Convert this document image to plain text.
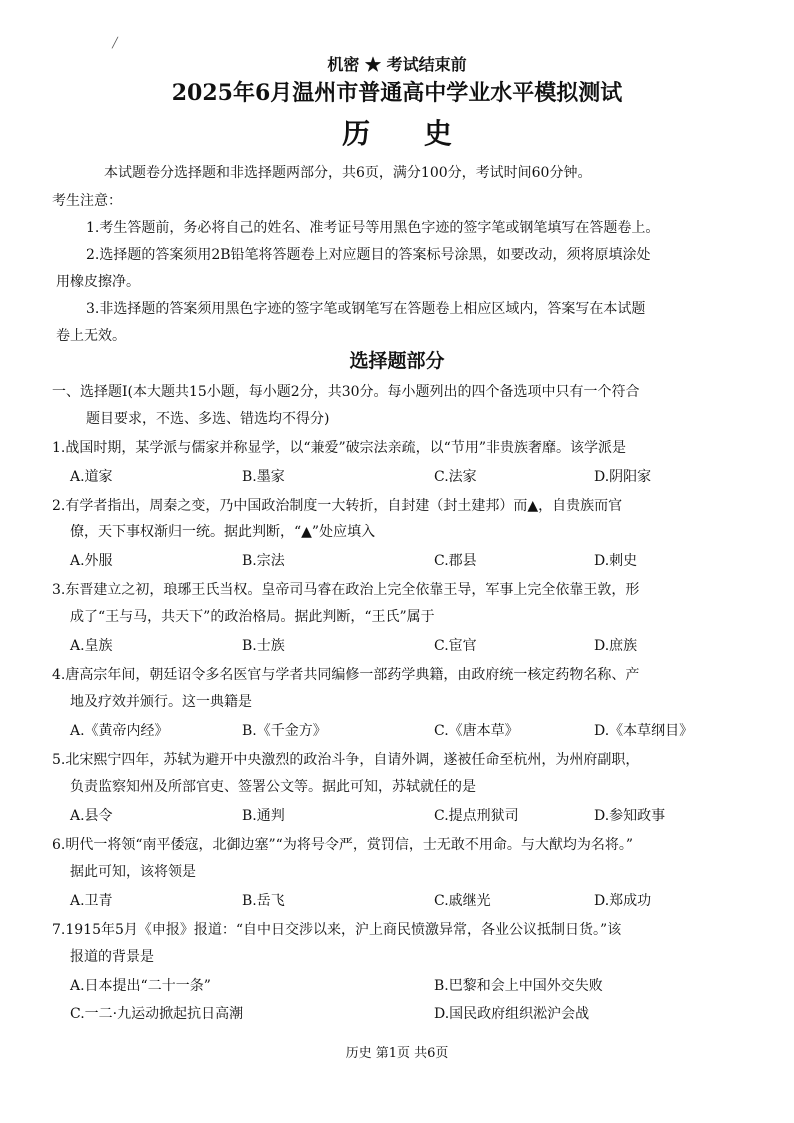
╱
机密 ★ 考试结束前
2025年6月温州市普通高中学业水平模拟测试
历 史
本试题卷分选择题和非选择题两部分，共6页，满分100分，考试时间60分钟。
考生注意：
1.考生答题前，务必将自己的姓名、准考证号等用黑色字迹的签字笔或钢笔填写在答题卷上。
2.选择题的答案须用2B铅笔将答题卷上对应题目的答案标号涂黑，如要改动，须将原填涂处
用橡皮擦净。
3.非选择题的答案须用黑色字迹的签字笔或钢笔写在答题卷上相应区域内，答案写在本试题
卷上无效。
选择题部分
一、选择题Ⅰ(本大题共15小题，每小题2分，共30分。每小题列出的四个备选项中只有一个符合
题目要求，不选、多选、错选均不得分)
1.战国时期，某学派与儒家并称显学，以“兼爱”破宗法亲疏，以“节用”非贵族奢靡。该学派是
A.道家	B.墨家	C.法家	D.阴阳家
2.有学者指出，周秦之变，乃中国政治制度一大转折，自封建（封土建邦）而▲，自贵族而官
僚，天下事权渐归一统。据此判断，“▲”处应填入
A.外服	B.宗法	C.郡县	D.刺史
3.东晋建立之初，琅琊王氏当权。皇帝司马睿在政治上完全依靠王导，军事上完全依靠王敦，形
成了“王与马，共天下”的政治格局。据此判断，“王氏”属于
A.皇族	B.士族	C.宦官	D.庶族
4.唐高宗年间，朝廷诏令多名医官与学者共同编修一部药学典籍，由政府统一核定药物名称、产
地及疗效并颁行。这一典籍是
A.《黄帝内经》	B.《千金方》	C.《唐本草》	D.《本草纲目》
5.北宋熙宁四年，苏轼为避开中央激烈的政治斗争，自请外调，遂被任命至杭州，为州府副职，
负责监察知州及所部官吏、签署公文等。据此可知，苏轼就任的是
A.县令	B.通判	C.提点刑狱司	D.参知政事
6.明代一将领“南平倭寇，北御边塞”“为将号令严，赏罚信，士无敢不用命。与大猷均为名将。”
据此可知，该将领是
A.卫青	B.岳飞	C.戚继光	D.郑成功
7.1915年5月《申报》报道：“自中日交涉以来，沪上商民愤激异常，各业公议抵制日货。”该
报道的背景是
A.日本提出“二十一条”	B.巴黎和会上中国外交失败
C.一二·九运动掀起抗日高潮	D.国民政府组织淞沪会战
历史 第1页 共6页
